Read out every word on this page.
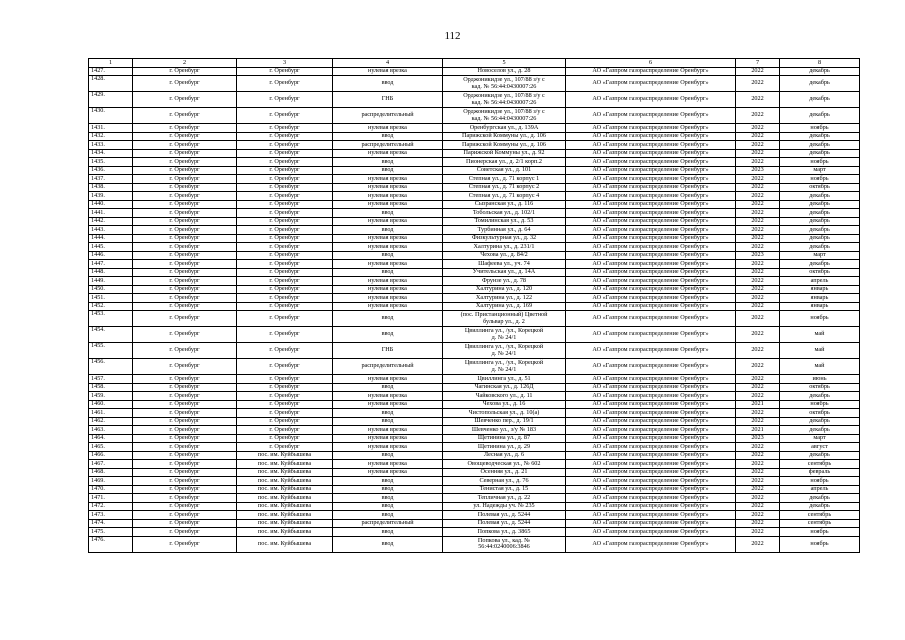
112
1	2	3	4	5	6	7	8
1427.	г. Оренбург	г. Оренбург	нулевая врезка	Новоселов ул., д. 28	АО «Газпром газораспределение Оренбург»	2022	декабрь
1428.	г. Оренбург	г. Оренбург	ввод	Орджоникидзе ул., 107/88 з/у с
кад. № 56:44:0430007:26	АО «Газпром газораспределение Оренбург»	2022	декабрь
1429.	г. Оренбург	г. Оренбург	ГНБ	Орджоникидзе ул., 107/88 з/у с
кад. № 56:44:0430007:26	АО «Газпром газораспределение Оренбург»	2022	декабрь
1430.	г. Оренбург	г. Оренбург	распределительный	Орджоникидзе ул., 107/88 з/у с
кад. № 56:44:0430007:26	АО «Газпром газораспределение Оренбург»	2022	декабрь
1431.	г. Оренбург	г. Оренбург	нулевая врезка	Оренбургская ул., д. 139А	АО «Газпром газораспределение Оренбург»	2022	ноябрь
1432.	г. Оренбург	г. Оренбург	ввод	Парижской Коммуны ул., д. 106	АО «Газпром газораспределение Оренбург»	2022	декабрь
1433.	г. Оренбург	г. Оренбург	распределительный	Парижской Коммуны ул., д. 106	АО «Газпром газораспределение Оренбург»	2022	декабрь
1434.	г. Оренбург	г. Оренбург	нулевая врезка	Парижской Коммуны ул., д. 92	АО «Газпром газораспределение Оренбург»	2022	декабрь
1435.	г. Оренбург	г. Оренбург	ввод	Пионерская ул., д. 2/1 корп.2	АО «Газпром газораспределение Оренбург»	2022	ноябрь
1436.	г. Оренбург	г. Оренбург	ввод	Советская ул., д. 101	АО «Газпром газораспределение Оренбург»	2023	март
1437.	г. Оренбург	г. Оренбург	нулевая врезка	Степная ул., д. 71 корпус 1	АО «Газпром газораспределение Оренбург»	2022	ноябрь
1438.	г. Оренбург	г. Оренбург	нулевая врезка	Степная ул., д. 71 корпус 2	АО «Газпром газораспределение Оренбург»	2022	октябрь
1439.	г. Оренбург	г. Оренбург	нулевая врезка	Степная ул., д. 71 корпус 4	АО «Газпром газораспределение Оренбург»	2022	декабрь
1440.	г. Оренбург	г. Оренбург	нулевая врезка	Сызранская ул., д. 116	АО «Газпром газораспределение Оренбург»	2022	декабрь
1441.	г. Оренбург	г. Оренбург	ввод	Тобольская ул., д. 102/1	АО «Газпром газораспределение Оренбург»	2022	декабрь
1442.	г. Оренбург	г. Оренбург	нулевая врезка	Томилинская ул., д. 53	АО «Газпром газораспределение Оренбург»	2022	декабрь
1443.	г. Оренбург	г. Оренбург	ввод	Турбинная ул., д. 64	АО «Газпром газораспределение Оренбург»	2022	декабрь
1444.	г. Оренбург	г. Оренбург	нулевая врезка	Физкультурная ул., д. 32	АО «Газпром газораспределение Оренбург»	2022	декабрь
1445.	г. Оренбург	г. Оренбург	нулевая врезка	Халтурина ул., д. 231/1	АО «Газпром газораспределение Оренбург»	2022	декабрь
1446.	г. Оренбург	г. Оренбург	ввод	Чехова ул., д. 84/2	АО «Газпром газораспределение Оренбург»	2023	март
1447.	г. Оренбург	г. Оренбург	нулевая врезка	Шафеева ул., уч. 74	АО «Газпром газораспределение Оренбург»	2022	декабрь
1448.	г. Оренбург	г. Оренбург	ввод	Учительская ул., д. 14А	АО «Газпром газораспределение Оренбург»	2022	октябрь
1449.	г. Оренбург	г. Оренбург	нулевая врезка	Фрунзе ул., д. 78	АО «Газпром газораспределение Оренбург»	2022	апрель
1450.	г. Оренбург	г. Оренбург	нулевая врезка	Халтурина ул., д. 120	АО «Газпром газораспределение Оренбург»	2022	январь
1451.	г. Оренбург	г. Оренбург	нулевая врезка	Халтурина ул., д. 122	АО «Газпром газораспределение Оренбург»	2022	январь
1452.	г. Оренбург	г. Оренбург	нулевая врезка	Халтурина ул., д. 169	АО «Газпром газораспределение Оренбург»	2022	январь
1453.	г. Оренбург	г. Оренбург	ввод	(пос. Пристанционный) Цветной
бульвар ул., д. 2	АО «Газпром газораспределение Оренбург»	2022	ноябрь
1454.	г. Оренбург	г. Оренбург	ввод	Цвиллинга ул., /ул., Корецкой
д. № 24/1	АО «Газпром газораспределение Оренбург»	2022	май
1455.	г. Оренбург	г. Оренбург	ГНБ	Цвиллинга ул., /ул., Корецкой
д. № 24/1	АО «Газпром газораспределение Оренбург»	2022	май
1456.	г. Оренбург	г. Оренбург	распределительный	Цвиллинга ул., /ул., Корецкой
д. № 24/1	АО «Газпром газораспределение Оренбург»	2022	май
1457.	г. Оренбург	г. Оренбург	нулевая врезка	Цвиллинга ул., д. 51	АО «Газпром газораспределение Оренбург»	2022	июнь
1458.	г. Оренбург	г. Оренбург	ввод	Чагинская ул., д. 126Д	АО «Газпром газораспределение Оренбург»	2022	октябрь
1459.	г. Оренбург	г. Оренбург	нулевая врезка	Чайковского ул., д. 11	АО «Газпром газораспределение Оренбург»	2022	декабрь
1460.	г. Оренбург	г. Оренбург	нулевая врезка	Чехова ул., д. 16	АО «Газпром газораспределение Оренбург»	2021	ноябрь
1461.	г. Оренбург	г. Оренбург	ввод	Чистопольская ул., д. 10(а)	АО «Газпром газораспределение Оренбург»	2022	октябрь
1462.	г. Оренбург	г. Оренбург	ввод	Шевченко пер., д. 19/1	АО «Газпром газораспределение Оренбург»	2022	декабрь
1463.	г. Оренбург	г. Оренбург	нулевая врезка	Шевченко ул., з/у № 183	АО «Газпром газораспределение Оренбург»	2021	декабрь
1464.	г. Оренбург	г. Оренбург	нулевая врезка	Щетинина ул., д. 87	АО «Газпром газораспределение Оренбург»	2023	март
1465.	г. Оренбург	г. Оренбург	нулевая врезка	Щетинина ул., д. 29	АО «Газпром газораспределение Оренбург»	2022	август
1466.	г. Оренбург	пос. им. Куйбышева	ввод	Лесная ул., д. 6	АО «Газпром газораспределение Оренбург»	2022	декабрь
1467.	г. Оренбург	пос. им. Куйбышева	нулевая врезка	Овощеводческая ул., № 602	АО «Газпром газораспределение Оренбург»	2022	сентябрь
1468.	г. Оренбург	пос. им. Куйбышева	нулевая врезка	Осенняя ул., д. 21	АО «Газпром газораспределение Оренбург»	2022	февраль
1469.	г. Оренбург	пос. им. Куйбышева	ввод	Северная ул., д. 76	АО «Газпром газораспределение Оренбург»	2022	ноябрь
1470.	г. Оренбург	пос. им. Куйбышева	ввод	Тенистая ул., д. 15	АО «Газпром газораспределение Оренбург»	2022	апрель
1471.	г. Оренбург	пос. им. Куйбышева	ввод	Тепличная ул., д. 22	АО «Газпром газораспределение Оренбург»	2022	декабрь
1472.	г. Оренбург	пос. им. Куйбышева	ввод	ул. Надежды уч. № 235	АО «Газпром газораспределение Оренбург»	2022	декабрь
1473.	г. Оренбург	пос. им. Куйбышева	ввод	Полевая ул., д. 5244	АО «Газпром газораспределение Оренбург»	2022	сентябрь
1474.	г. Оренбург	пос. им. Куйбышева	распределительный	Полевая ул., д. 5244	АО «Газпром газораспределение Оренбург»	2022	сентябрь
1475.	г. Оренбург	пос. им. Куйбышева	ввод	Попкова ул., д. 3865	АО «Газпром газораспределение Оренбург»	2022	ноябрь
1476.	г. Оренбург	пос. им. Куйбышева	ввод	Попкова ул., кад. №
56:44:0240006:3846	АО «Газпром газораспределение Оренбург»	2022	ноябрь
